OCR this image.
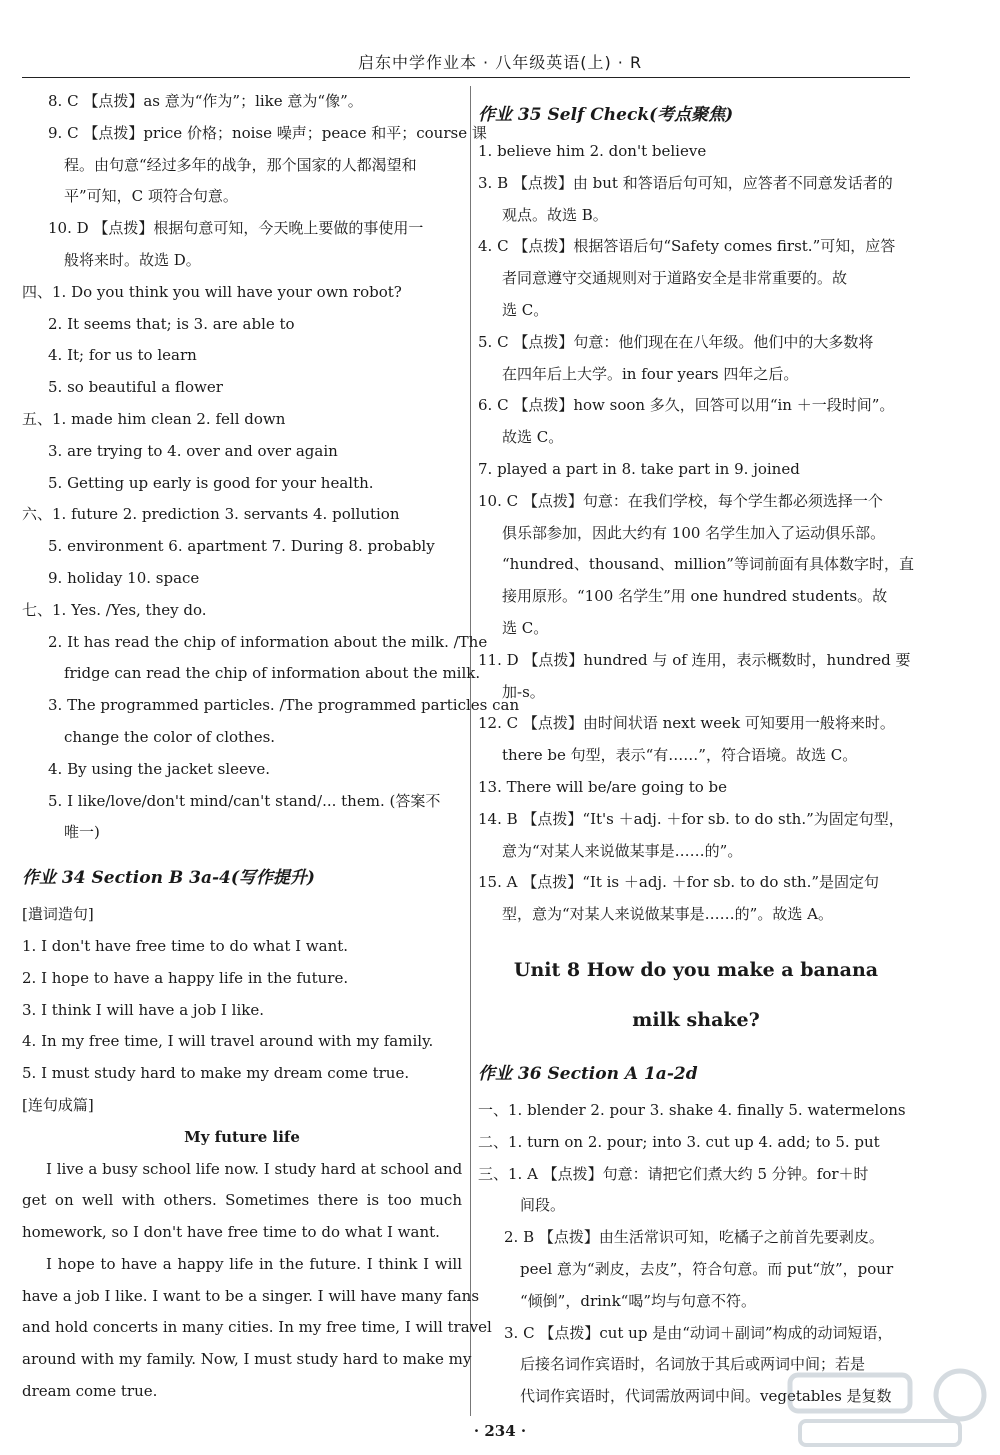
启东中学作业本 · 八年级英语(上) · R
8. C 【点拨】as 意为“作为”；like 意为“像”。
9. C 【点拨】price 价格；noise 噪声；peace 和平；course 课
程。由句意“经过多年的战争，那个国家的人都渴望和
平”可知，C 项符合句意。
10. D 【点拨】根据句意可知，今天晚上要做的事使用一
般将来时。故选 D。
四、1. Do you think you will have your own robot?
2. It seems that; is 3. are able to
4. It; for us to learn
5. so beautiful a flower
五、1. made him clean 2. fell down
3. are trying to 4. over and over again
5. Getting up early is good for your health.
六、1. future 2. prediction 3. servants 4. pollution
5. environment 6. apartment 7. During 8. probably
9. holiday 10. space
七、1. Yes. /Yes, they do.
2. It has read the chip of information about the milk. /The
fridge can read the chip of information about the milk.
3. The programmed particles. /The programmed particles can
change the color of clothes.
4. By using the jacket sleeve.
5. I like/love/don't mind/can't stand/... them. (答案不
唯一)
作业 34 Section B 3a-4(写作提升)
[遣词造句]
1. I don't have free time to do what I want.
2. I hope to have a happy life in the future.
3. I think I will have a job I like.
4. In my free time, I will travel around with my family.
5. I must study hard to make my dream come true.
[连句成篇]
My future life
I live a busy school life now. I study hard at school and
get on well with others. Sometimes there is too much
homework, so I don't have free time to do what I want.
I hope to have a happy life in the future. I think I will
have a job I like. I want to be a singer. I will have many fans
and hold concerts in many cities. In my free time, I will travel
around with my family. Now, I must study hard to make my
dream come true.
作业 35 Self Check(考点聚焦)
1. believe him 2. don't believe
3. B 【点拨】由 but 和答语后句可知，应答者不同意发话者的
观点。故选 B。
4. C 【点拨】根据答语后句“Safety comes first.”可知，应答
者同意遵守交通规则对于道路安全是非常重要的。故
选 C。
5. C 【点拨】句意：他们现在在八年级。他们中的大多数将
在四年后上大学。in four years 四年之后。
6. C 【点拨】how soon 多久，回答可以用“in ＋一段时间”。
故选 C。
7. played a part in 8. take part in 9. joined
10. C 【点拨】句意：在我们学校，每个学生都必须选择一个
俱乐部参加，因此大约有 100 名学生加入了运动俱乐部。
“hundred、thousand、million”等词前面有具体数字时，直
接用原形。“100 名学生”用 one hundred students。故
选 C。
11. D 【点拨】hundred 与 of 连用，表示概数时，hundred 要
加-s。
12. C 【点拨】由时间状语 next week 可知要用一般将来时。
there be 句型，表示“有……”，符合语境。故选 C。
13. There will be/are going to be
14. B 【点拨】“It's ＋adj. ＋for sb. to do sth.”为固定句型，
意为“对某人来说做某事是……的”。
15. A 【点拨】“It is ＋adj. ＋for sb. to do sth.”是固定句
型，意为“对某人来说做某事是……的”。故选 A。
Unit 8 How do you make a banana
milk shake?
作业 36 Section A 1a-2d
一、1. blender 2. pour 3. shake 4. finally 5. watermelons
二、1. turn on 2. pour; into 3. cut up 4. add; to 5. put
三、1. A 【点拨】句意：请把它们煮大约 5 分钟。for＋时
间段。
2. B 【点拨】由生活常识可知，吃橘子之前首先要剥皮。
peel 意为“剥皮，去皮”，符合句意。而 put“放”，pour
“倾倒”，drink“喝”均与句意不符。
3. C 【点拨】cut up 是由“动词＋副词”构成的动词短语，
后接名词作宾语时，名词放于其后或两词中间；若是
代词作宾语时，代词需放两词中间。vegetables 是复数
· 234 ·
